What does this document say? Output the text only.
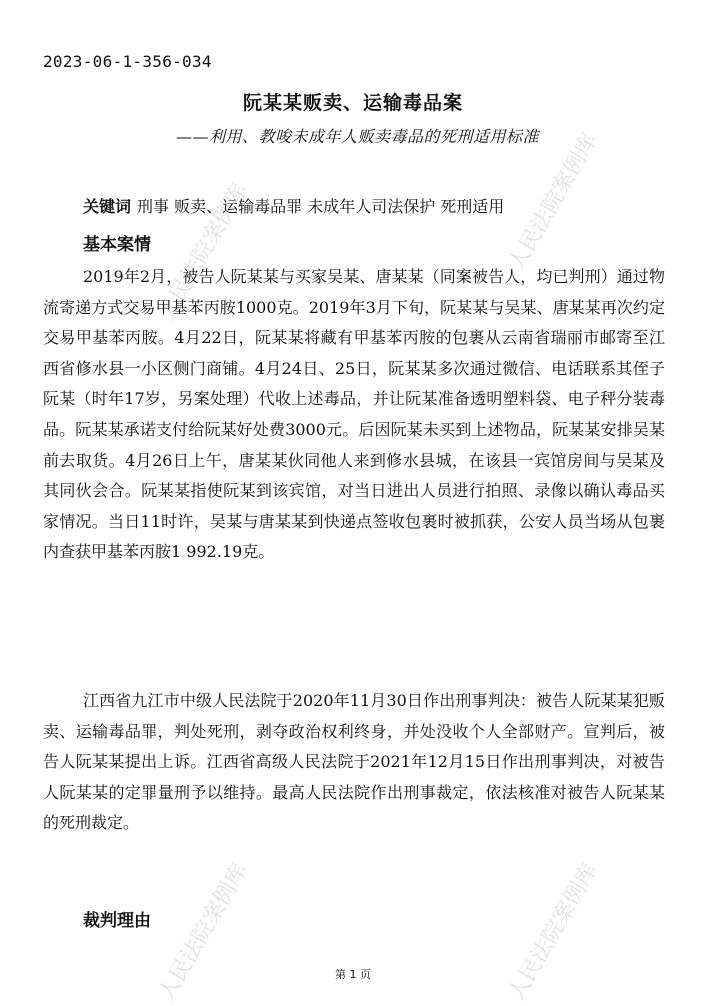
人民法院案例库	人民法院案例库
人民法院案例库	人民法院案例库
2023-06-1-356-034
阮某某贩卖、运输毒品案
——利用、教唆未成年人贩卖毒品的死刑适用标准
关键词 刑事 贩卖、运输毒品罪 未成年人司法保护 死刑适用
基本案情

2019年2月，被告人阮某某与买家吴某、唐某某（同案被告人，均已判刑）通过物流寄递方式交易甲基苯丙胺1000克。2019年3月下旬，阮某某与吴某、唐某某再次约定交易甲基苯丙胺。4月22日，阮某某将藏有甲基苯丙胺的包裹从云南省瑞丽市邮寄至江西省修水县一小区侧门商铺。4月24日、25日，阮某某多次通过微信、电话联系其侄子阮某（时年17岁，另案处理）代收上述毒品，并让阮某准备透明塑料袋、电子秤分装毒品。阮某某承诺支付给阮某好处费3000元。后因阮某未买到上述物品，阮某某安排吴某前去取货。4月26日上午，唐某某伙同他人来到修水县城，在该县一宾馆房间与吴某及其同伙会合。阮某某指使阮某到该宾馆，对当日进出人员进行拍照、录像以确认毒品买家情况。当日11时许，吴某与唐某某到快递点签收包裹时被抓获，公安人员当场从包裹内查获甲基苯丙胺1 992.19克。

江西省九江市中级人民法院于2020年11月30日作出刑事判决：被告人阮某某犯贩卖、运输毒品罪，判处死刑，剥夺政治权利终身，并处没收个人全部财产。宣判后，被告人阮某某提出上诉。江西省高级人民法院于2021年12月15日作出刑事判决，对被告人阮某某的定罪量刑予以维持。最高人民法院作出刑事裁定，依法核准对被告人阮某某的死刑裁定。

裁判理由
第 1 页
